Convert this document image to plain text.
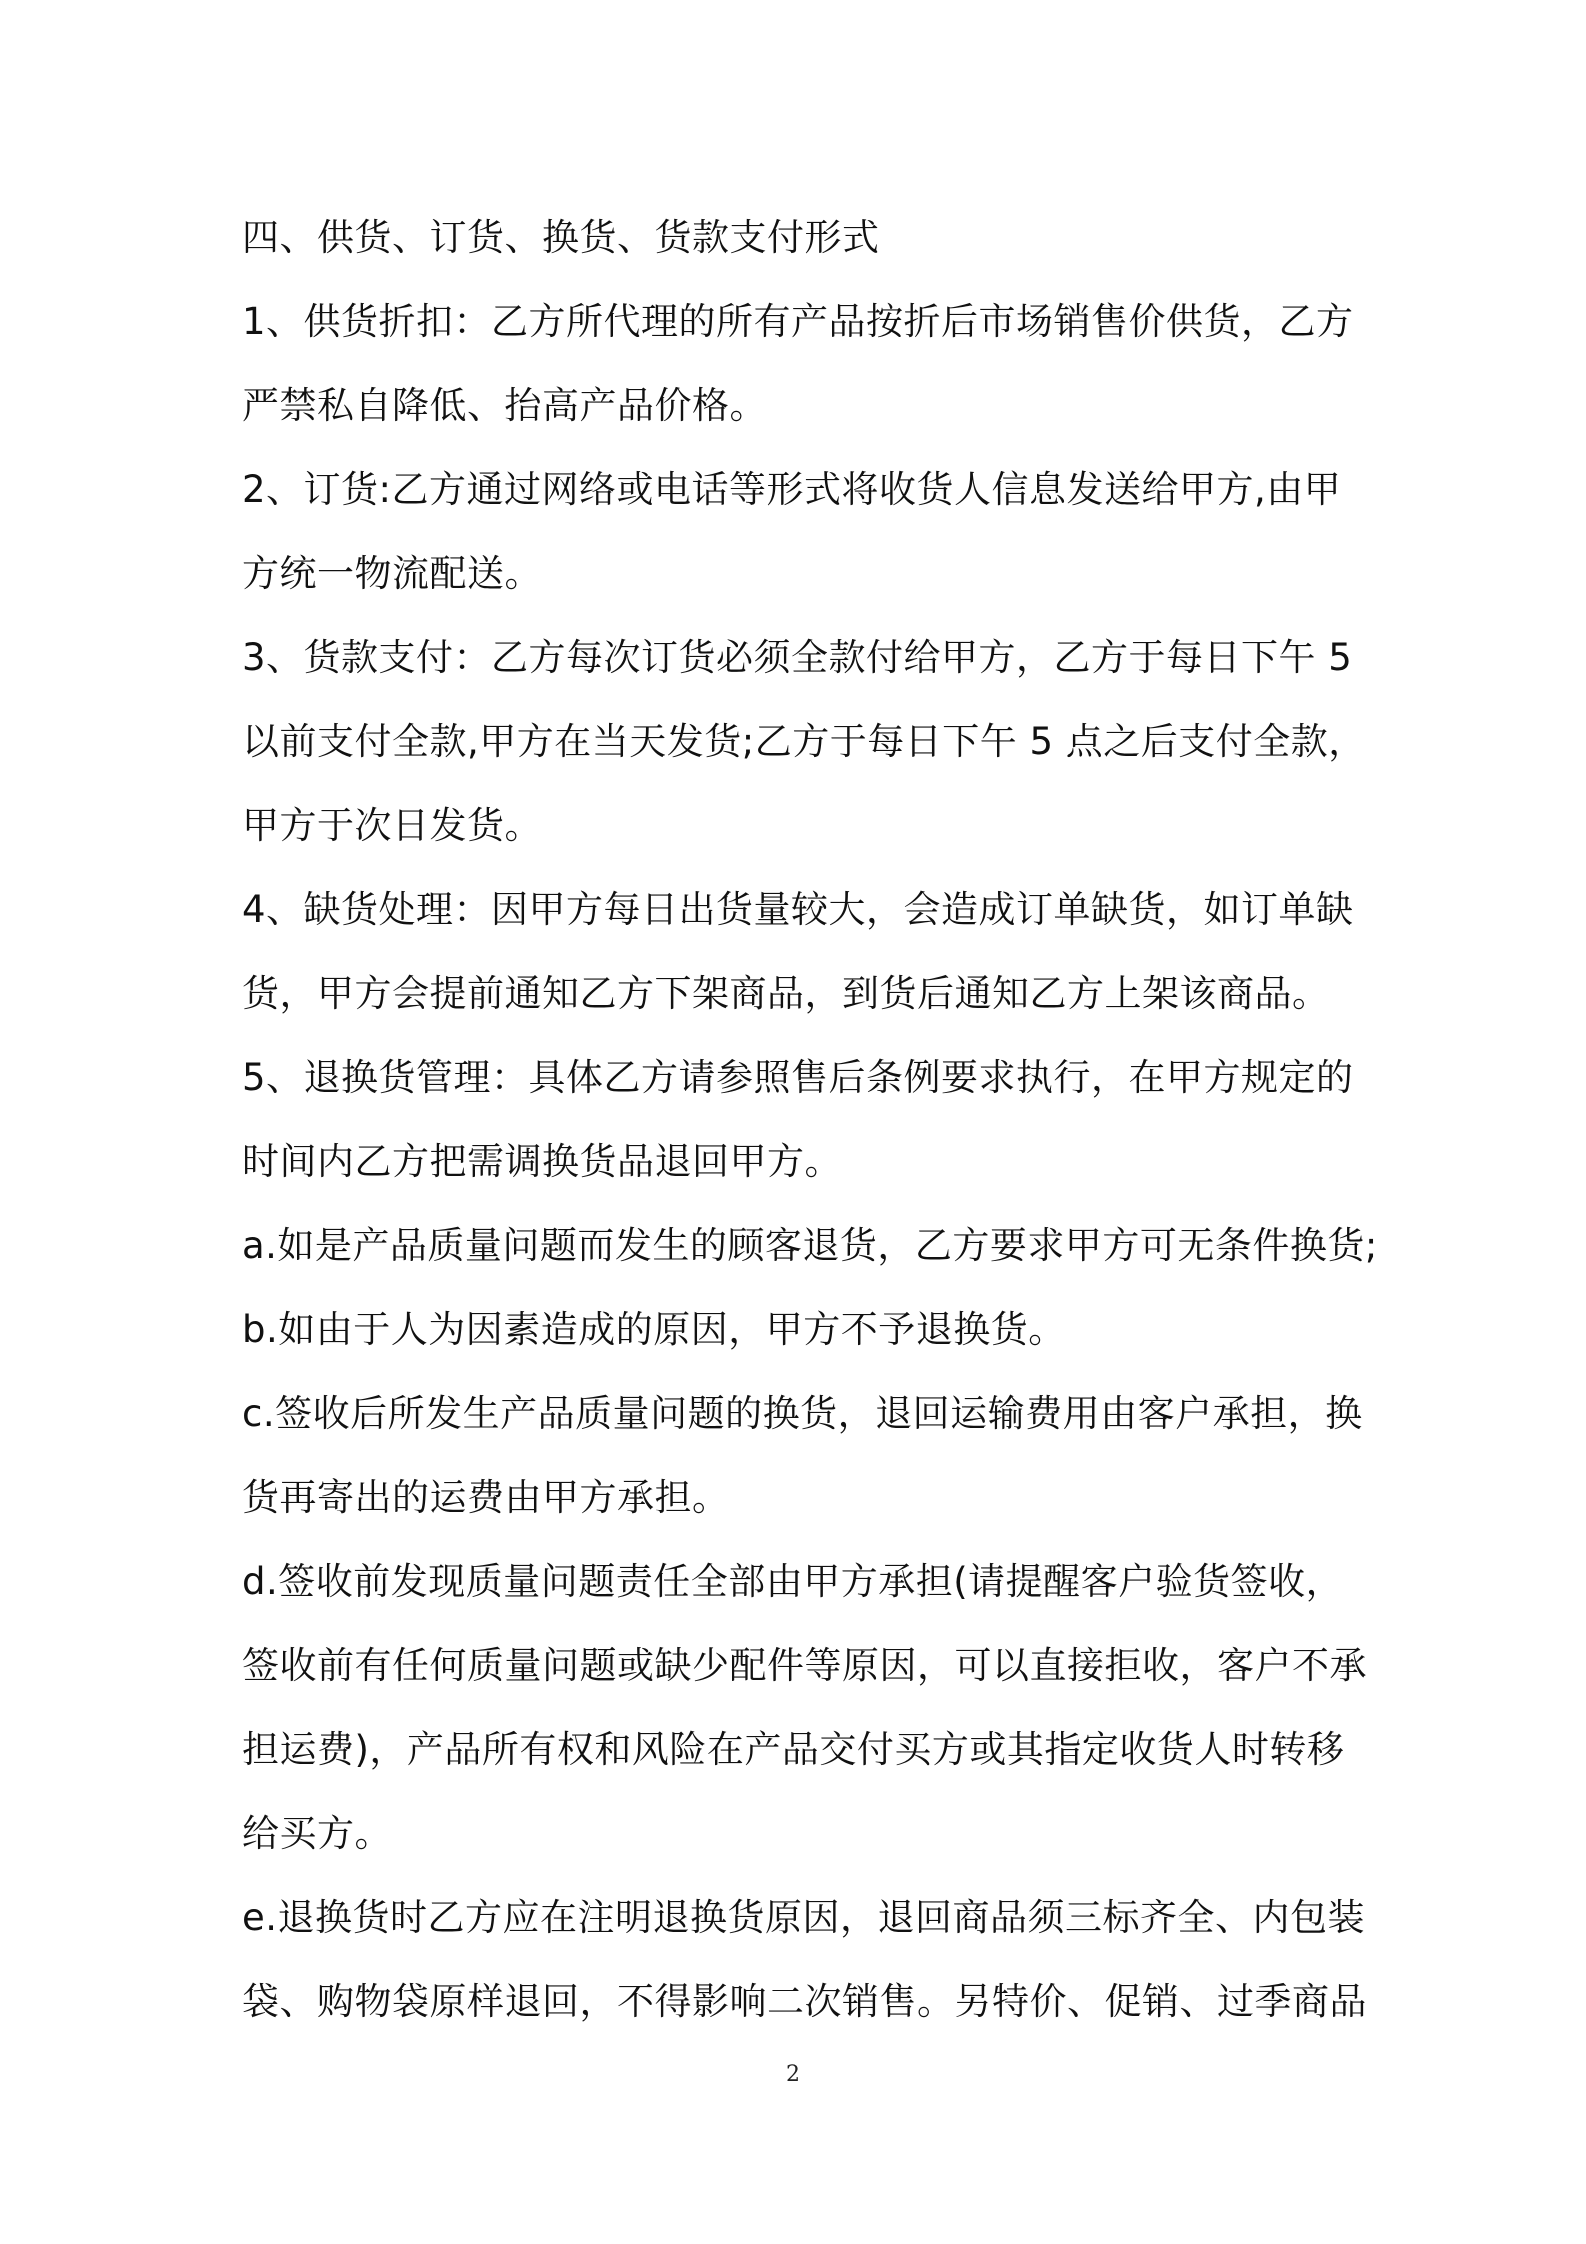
四、供货、订货、换货、货款支付形式
1、供货折扣：乙方所代理的所有产品按折后市场销售价供货，乙方
严禁私自降低、抬高产品价格。
2、订货:乙方通过网络或电话等形式将收货人信息发送给甲方,由甲
方统一物流配送。
3、货款支付：乙方每次订货必须全款付给甲方，乙方于每日下午 5
以前支付全款,甲方在当天发货;乙方于每日下午 5 点之后支付全款，
甲方于次日发货。
4、缺货处理：因甲方每日出货量较大，会造成订单缺货，如订单缺
货，甲方会提前通知乙方下架商品，到货后通知乙方上架该商品。
5、退换货管理：具体乙方请参照售后条例要求执行，在甲方规定的
时间内乙方把需调换货品退回甲方。
a.如是产品质量问题而发生的顾客退货，乙方要求甲方可无条件换货;
b.如由于人为因素造成的原因，甲方不予退换货。
c.签收后所发生产品质量问题的换货，退回运输费用由客户承担，换
货再寄出的运费由甲方承担。
d.签收前发现质量问题责任全部由甲方承担(请提醒客户验货签收，
签收前有任何质量问题或缺少配件等原因，可以直接拒收，客户不承
担运费)，产品所有权和风险在产品交付买方或其指定收货人时转移
给买方。
e.退换货时乙方应在注明退换货原因，退回商品须三标齐全、内包装
袋、购物袋原样退回，不得影响二次销售。另特价、促销、过季商品
2
